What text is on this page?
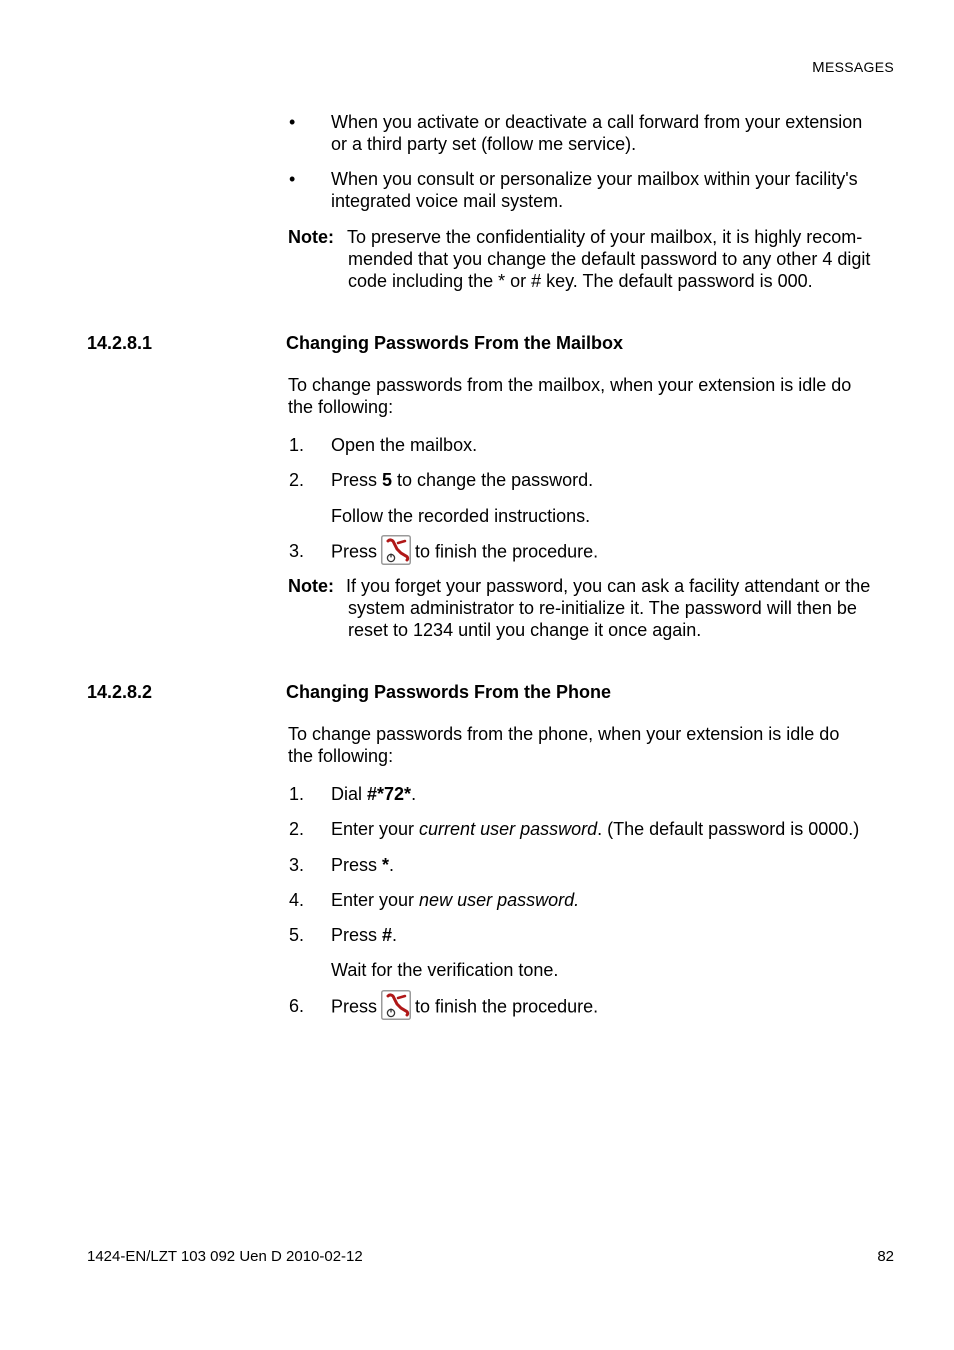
MESSAGES
• When you activate or deactivate a call forward from your extension
or a third party set (follow me service).
• When you consult or personalize your mailbox within your facility's
integrated voice mail system.
Note: To preserve the confidentiality of your mailbox, it is highly recom-
mended that you change the default password to any other 4 digit
code including the * or # key. The default password is 000.
14.2.8.1	Changing Passwords From the Mailbox
To change passwords from the mailbox, when your extension is idle do
the following:
1. Open the mailbox.
2. Press 5 to change the password.
Follow the recorded instructions.
3. Press to finish the procedure.
Note: If you forget your password, you can ask a facility attendant or the
system administrator to re-initialize it. The password will then be
reset to 1234 until you change it once again.
14.2.8.2	Changing Passwords From the Phone
To change passwords from the phone, when your extension is idle do
the following:
1. Dial #*72*.
2. Enter your current user password. (The default password is 0000.)
3. Press *.
4. Enter your new user password.
5. Press #.
Wait for the verification tone.
6. Press to finish the procedure.
1424-EN/LZT 103 092 Uen D 2010-02-12	82
